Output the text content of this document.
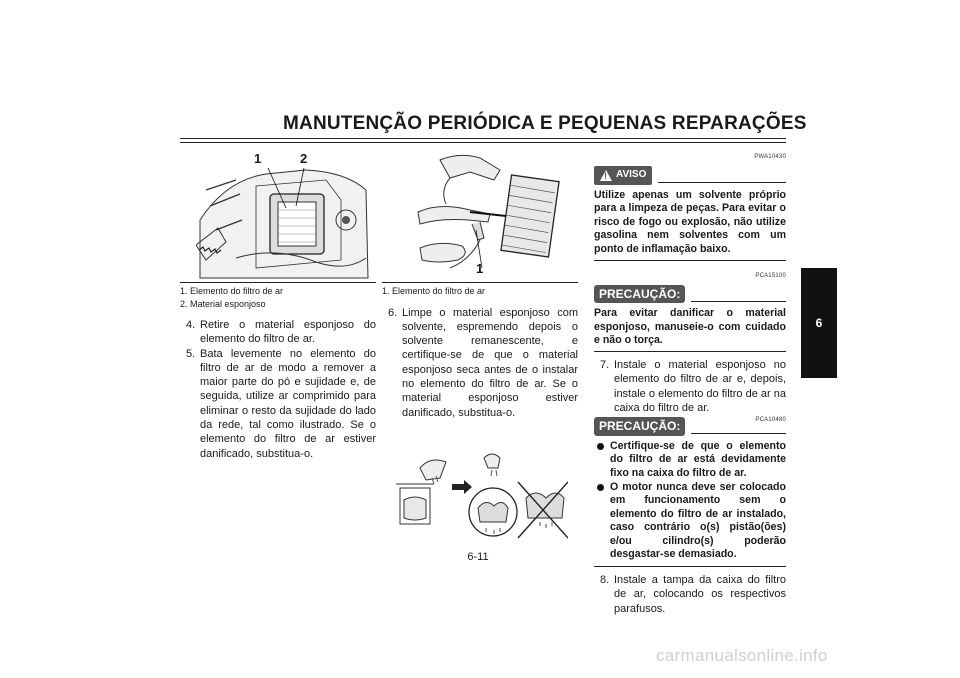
MANUTENÇÃO PERIÓDICA E PEQUENAS REPARAÇÕES
6
1	2
1. Elemento do filtro de ar
2. Material esponjoso
4. Retire o material esponjoso do elemento do filtro de ar.
5. Bata levemente no elemento do filtro de ar de modo a remover a maior parte do pó e sujidade e, de seguida, utilize ar comprimido para eliminar o resto da sujidade do lado da rede, tal como ilustrado. Se o elemento do filtro de ar estiver danificado, substitua-o.
1
1. Elemento do filtro de ar
6. Limpe o material esponjoso com solvente, espremendo depois o solvente remanescente, e certifique-se de que o material esponjoso seca antes de o instalar no elemento do filtro de ar. Se o material esponjoso estiver danificado, substitua-o.
PWA10430
! AVISO
Utilize apenas um solvente próprio para a limpeza de peças. Para evitar o risco de fogo ou explosão, não utilize gasolina nem solventes com um ponto de inflamação baixo.
PCA15100
PRECAUÇÃO:
Para evitar danificar o material esponjoso, manuseie-o com cuidado e não o torça.
7. Instale o material esponjoso no elemento do filtro de ar e, depois, instale o elemento do filtro de ar na caixa do filtro de ar.
PCA10480
PRECAUÇÃO:
Certifique-se de que o elemento do filtro de ar está devidamente fixo na caixa do filtro de ar.
O motor nunca deve ser colocado em funcionamento sem o elemento do filtro de ar instalado, caso contrário o(s) pistão(ões) e/ou cilindro(s) poderão desgastar-se demasiado.
8. Instale a tampa da caixa do filtro de ar, colocando os respectivos parafusos.
6-11
carmanualsonline.info
